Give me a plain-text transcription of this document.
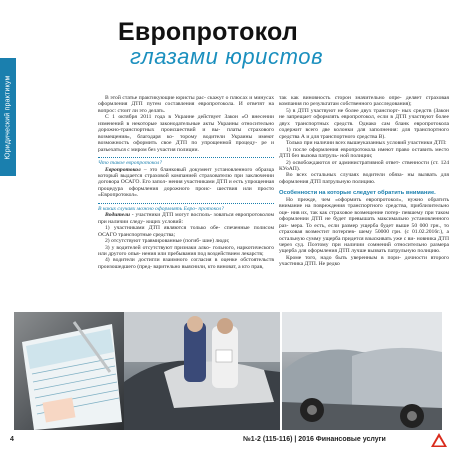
Юридический практикум
Европротокол
глазами юристов

В этой статье практикующие юристы рас- скажут о плюсах и минусах оформления ДТП путем составления европротокола. И ответят на вопрос: стоит ли это делать.

С 1 октября 2011 года в Украине действует Закон «О внесении изменений в некоторые законодательные акты Украины относительно дорожно-транспортных происшествий и вы- платы страхового возмещения», благодаря ко- торому водители Украины имеют возможность оформить свое ДТП по упрощенной процеду- ре и разъехаться с миром без участия полиции.

Что такое европротокол?

Европротокол – это бланковый документ установленного образца который выдается страховой компанией страхователю при заключении договора ОСАГО. Его запол- нения участниками ДТП и есть упрощенная процедура оформления дорожного проис- шествия или просто «Европротокол».

В каких случаях можно оформлять Евро- протокол?

Водители - участники ДТП могут восполь- зоваться европротоколом при наличии следу- ющих условий:

1) участниками ДТП являются только обе- спеченные полисом ОСАГО транспортные средства;

2) отсутствуют травмированные (погиб- шие) люди;

3) у водителей отсутствуют признаки алко- гольного, наркотического или другого опья- нения или пребывания под воздействием лекарств;

4) водители достигли взаимного согласия в оценке обстоятельств произошедшего (пред- варительно выяснили, кто виноват, а кто прав,

так как виновность сторон значительно опре- деляет страховая компания по результатам собственного расследования);

5) в ДТП участвуют не более двух транспорт- ных средств (Закон не запрещает оформлять европротокол, если в ДТП участвуют более двух транспортных средств. Однако сам бланк европротокола содержит всего две колонки для заполнения: для транспортного средства А и для транспортного средства В).

Только при наличии всех вышеуказанных условий участники ДТП:

1) после оформления европротокола имеют право оставить место ДТП без вызова патруль- ной полиции;

2) освобождаются от административной ответ- ственности (ст. 124 КУоАП).

Во всех остальных случаях водители обяза- ны вызвать для оформления ДТП патрульную полицию.

Особенности на которые следует обратить внимание.

Но прежде, чем «оформить европротокол», нужно обратить внимание на повреждения транспортного средства, приблизительно оце- нив их, так как страховое возмещение потер- певшему при таком оформлении ДТП не будет превышать максимально установленного раз- мера. То есть, если размер ущерба будет выше 50 000 грн., то страховая возместит потерпев- шему 50000 грн. (с 01.02.2016г.), а остальную сумму ущерба придется взыскивать уже с ви- новника ДТП через суд. Поэтому при наличии сомнений относительно размера ущерба для оформления ДТП лучше вызвать патрульную полицию.

Кроме того, надо быть уверенным в пори- дочности второго участника ДТП. Не редко

4	№1-2 (115-116) | 2016 Финансовые услуги
